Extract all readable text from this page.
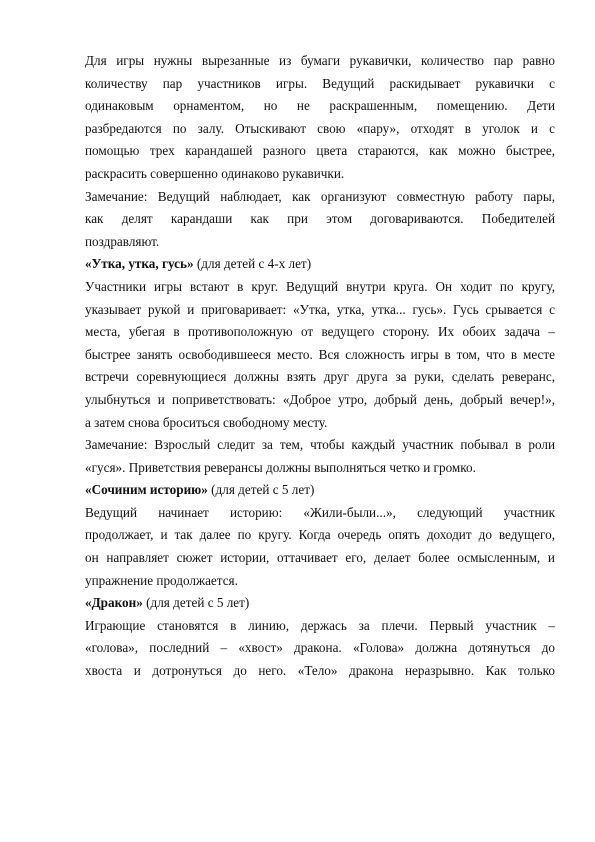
Для игры нужны вырезанные из бумаги рукавички, количество пар равно
количеству пар участников игры. Ведущий раскидывает рукавички с
одинаковым орнаментом, но не раскрашенным, помещению. Дети
разбредаются по залу. Отыскивают свою «пару», отходят в уголок и с
помощью трех карандашей разного цвета стараются, как можно быстрее,
раскрасить совершенно одинаково рукавички.
Замечание: Ведущий наблюдает, как организуют совместную работу пары,
как делят карандаши как при этом договариваются. Победителей
поздравляют.
«Утка, утка, гусь» (для детей с 4-х лет)
Участники игры встают в круг. Ведущий внутри круга. Он ходит по кругу,
указывает рукой и приговаривает: «Утка, утка, утка... гусь». Гусь срывается с
места, убегая в противоположную от ведущего сторону. Их обоих задача –
быстрее занять освободившееся место. Вся сложность игры в том, что в месте
встречи соревнующиеся должны взять друг друга за руки, сделать реверанс,
улыбнуться и поприветствовать: «Доброе утро, добрый день, добрый вечер!»,
а затем снова броситься свободному месту.
Замечание: Взрослый следит за тем, чтобы каждый участник побывал в роли
«гуся». Приветствия реверансы должны выполняться четко и громко.
«Сочиним историю» (для детей с 5 лет)
Ведущий начинает историю: «Жили-были...», следующий участник
продолжает, и так далее по кругу. Когда очередь опять доходит до ведущего,
он направляет сюжет истории, оттачивает его, делает более осмысленным, и
упражнение продолжается.
«Дракон» (для детей с 5 лет)
Играющие становятся в линию, держась за плечи. Первый участник –
«голова», последний – «хвост» дракона. «Голова» должна дотянуться до
хвоста и дотронуться до него. «Тело» дракона неразрывно. Как только
